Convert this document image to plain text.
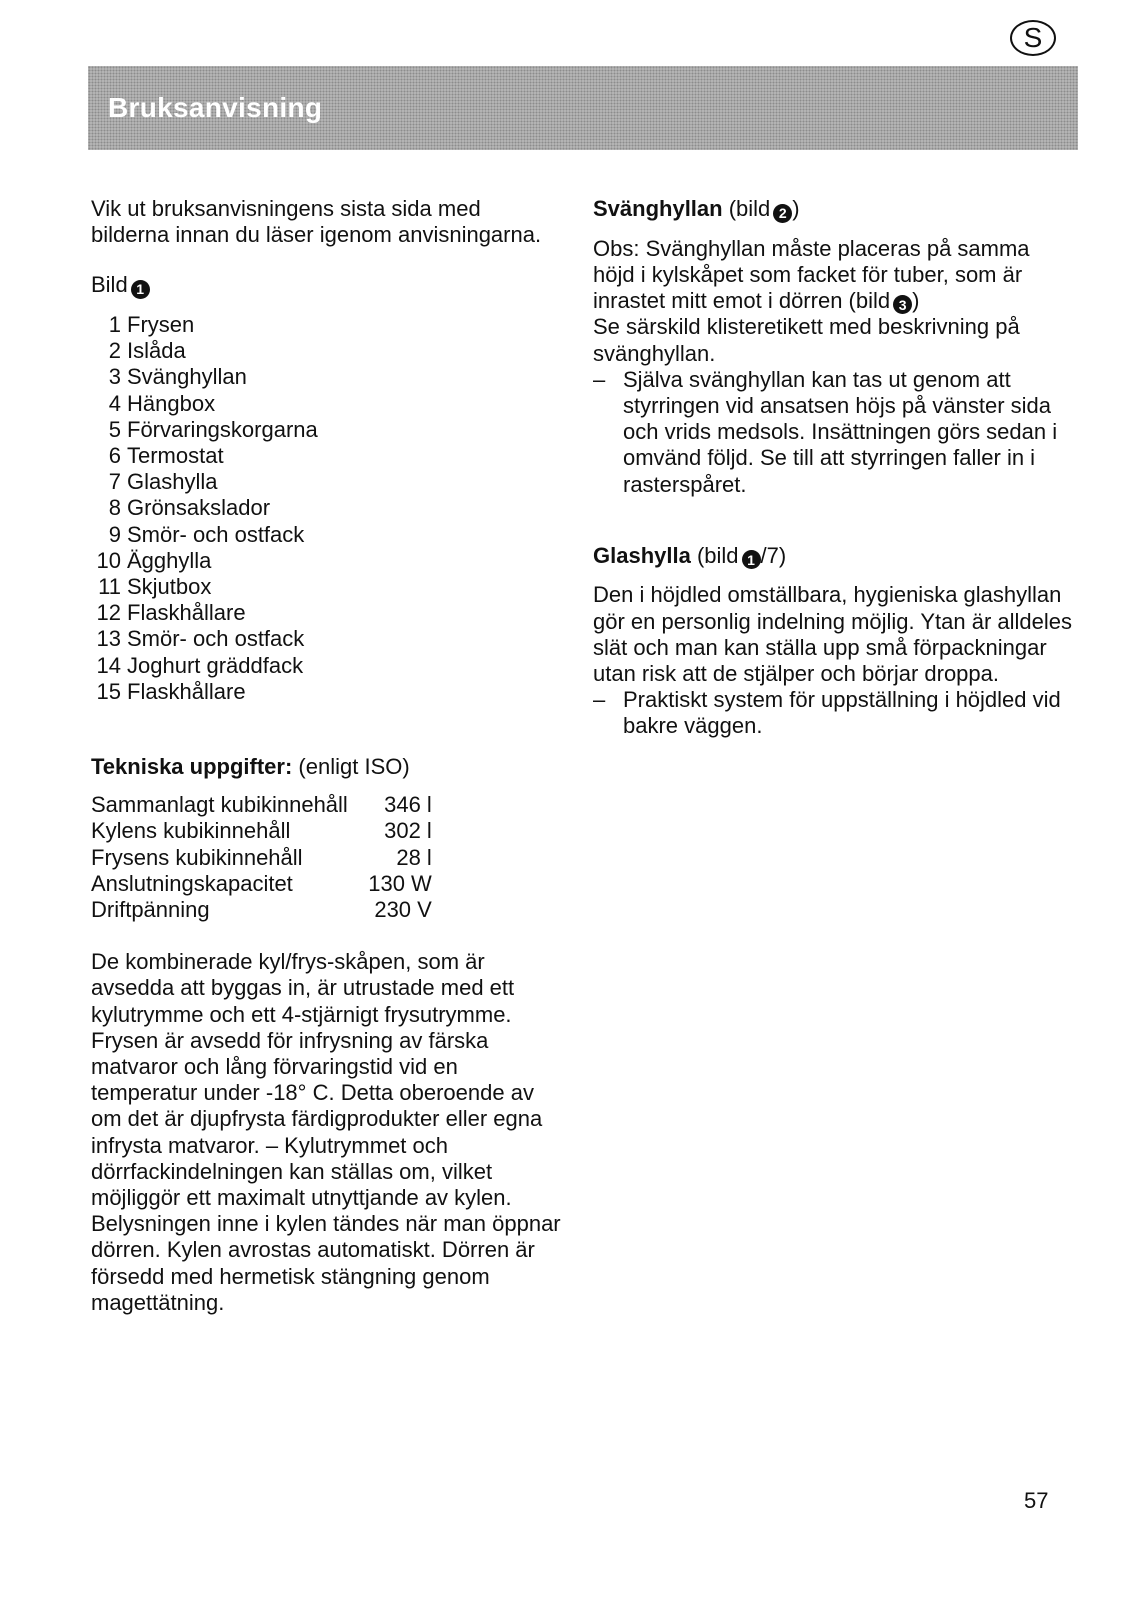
S
Bruksanvisning

Vik ut bruksanvisningens sista sida med bilderna innan du läser igenom anvisningarna.

Bild 1

1 Frysen
2 Islåda
3 Svänghyllan
4 Hängbox
5 Förvaringskorgarna
6 Termostat
7 Glashylla
8 Grönsakslador
9 Smör- och ostfack
10 Ägghylla
11 Skjutbox
12 Flaskhållare
13 Smör- och ostfack
14 Joghurt gräddfack
15 Flaskhållare

Tekniska uppgifter: (enligt ISO)

Sammanlagt kubikinnehåll	346 l
Kylens kubikinnehåll	302 l
Frysens kubikinnehåll	28 l
Anslutningskapacitet	130 W
Driftpänning	230 V

De kombinerade kyl/frys-skåpen, som är avsedda att byggas in, är utrustade med ett kylutrymme och ett 4-stjärnigt frysutrymme. Frysen är avsedd för infrysning av färska matvaror och lång förvaringstid vid en temperatur under -18° C. Detta oberoende av om det är djupfrysta färdigprodukter eller egna infrysta matvaror. – Kylutrymmet och dörrfackindelningen kan ställas om, vilket möjliggör ett maximalt utnyttjande av kylen. Belysningen inne i kylen tändes när man öppnar dörren. Kylen avrostas automatiskt. Dörren är försedd med hermetisk stängning genom magettätning.

Svänghyllan (bild 2 )

Obs: Svänghyllan måste placeras på samma höjd i kylskåpet som facket för tuber, som är inrastet mitt emot i dörren (bild 3 )

Se särskild klisteretikett med beskrivning på svänghyllan.

– Själva svänghyllan kan tas ut genom att styrringen vid ansatsen höjs på vänster sida och vrids medsols. Insättningen görs sedan i omvänd följd. Se till att styrringen faller in i rasterspåret.

Glashylla (bild 1 /7)

Den i höjdled omställbara, hygieniska glashyllan gör en personlig indelning möjlig. Ytan är alldeles slät och man kan ställa upp små förpackningar utan risk att de stjälper och börjar droppa.

– Praktiskt system för uppställning i höjdled vid bakre väggen.
57
